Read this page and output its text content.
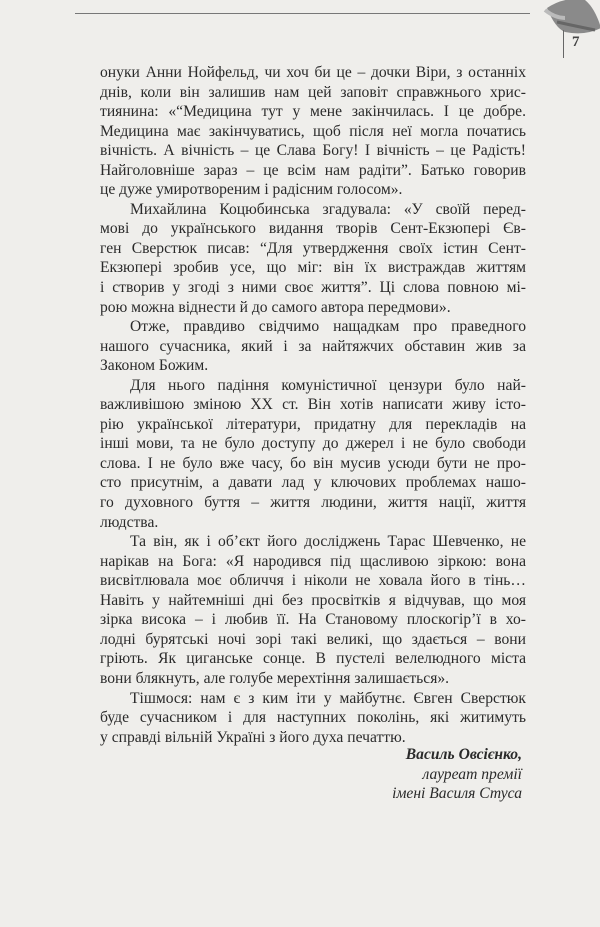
7
онуки Анни Нойфельд, чи хоч би це – дочки Віри, з останніх
днів, коли він залишив нам цей заповіт справжнього хрис-
тиянина: «“Медицина тут у мене закінчилась. І це добре.
Медицина має закінчуватись, щоб після неї могла початись
вічність. А вічність – це Слава Богу! І вічність – це Радість!
Найголовніше зараз – це всім нам радіти”. Батько говорив
це дуже умиротвореним і радісним голосом».
Михайлина Коцюбинська згадувала: «У своїй перед-
мові до українського видання творів Сент-Екзюпері Єв-
ген Сверстюк писав: “Для утвердження своїх істин Сент-
Екзюпері зробив усе, що міг: він їх вистраждав життям
і створив у згоді з ними своє життя”. Ці слова повною мі-
рою можна віднести й до самого автора передмови».
Отже, правдиво свідчимо нащадкам про праведного
нашого сучасника, який і за найтяжчих обставин жив за
Законом Божим.
Для нього падіння комуністичної цензури було най-
важливішою зміною XX ст. Він хотів написати живу істо-
рію української літератури, придатну для перекладів на
інші мови, та не було доступу до джерел і не було свободи
слова. І не було вже часу, бо він мусив усюди бути не про-
сто присутнім, а давати лад у ключових проблемах нашо-
го духовного буття – життя людини, життя нації, життя
людства.
Та він, як і об’єкт його досліджень Тарас Шевченко, не
нарікав на Бога: «Я народився під щасливою зіркою: вона
висвітлювала моє обличчя і ніколи не ховала його в тінь…
Навіть у найтемніші дні без просвітків я відчував, що моя
зірка висока – і любив її. На Становому плоскогір’ї в хо-
лодні бурятські ночі зорі такі великі, що здається – вони
гріють. Як циганське сонце. В пустелі велелюдного міста
вони блякнуть, але голубе мерехтіння залишається».
Тішмося: нам є з ким іти у майбутнє. Євген Сверстюк
буде сучасником і для наступних поколінь, які житимуть
у справді вільній Україні з його духа печаттю.
Василь Овсієнко,
лауреат премії
імені Василя Стуса
